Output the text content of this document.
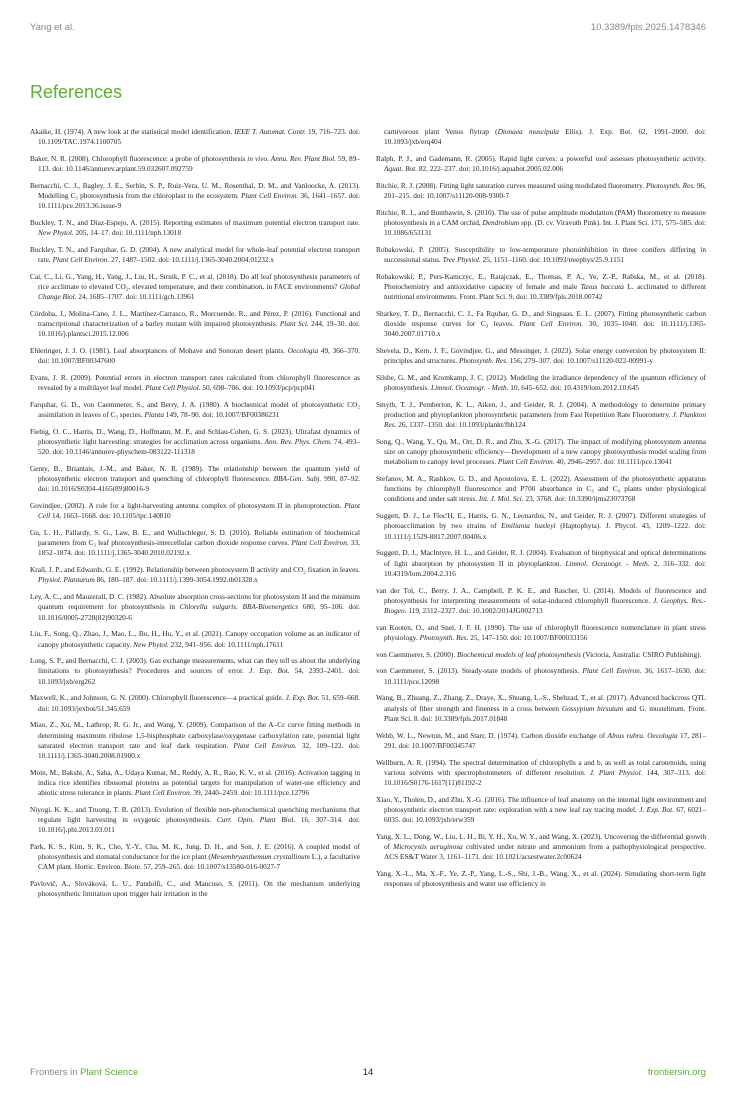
Yang et al.	10.3389/fpls.2025.1478346
References

Akaike, H. (1974). A new look at the statistical model identification. IEEE T. Automat. Contr. 19, 716–723. doi: 10.1109/TAC.1974.1100705

Baker, N. R. (2008). Chlorophyll fluorescence: a probe of photosynthesis in vivo. Annu. Rev. Plant Biol. 59, 89–113. doi: 10.1146/annurev.arplant.59.032607.092759

Bernacchi, C. J., Bagley, J. E., Serbin, S. P., Ruiz-Vera, U. M., Rosenthal, D. M., and Vanloocke, A. (2013). Modelling C₃ photosynthesis from the chloroplast to the ecosystem. Plant Cell Environ. 36, 1641–1657. doi: 10.1111/pce.2013.36.issue-9

Buckley, T. N., and Diaz-Espejo, A. (2015). Reporting estimates of maximum potential electron transport rate. New Phytol. 205, 14–17. doi: 10.1111/nph.13018

Buckley, T. N., and Farquhar, G. D. (2004). A new analytical model for whole-leaf potential electron transport rate. Plant Cell Environ. 27, 1487–1502. doi: 10.1111/j.1365-3040.2004.01232.x

Cai, C., Li, G., Yang, H., Yang, J., Liu, H., Struik, P. C., et al. (2018). Do all leaf photosynthesis parameters of rice acclimate to elevated CO₂, elevated temperature, and their combination, in FACE environments? Global Change Biol. 24, 1685–1707. doi: 10.1111/gcb.13961

Córdoba, J., Molina-Cano, J. L., Martínez-Carrasco, R., Morcuende, R., and Pérez, P. (2016). Functional and transcriptional characterization of a barley mutant with impaired photosynthesis. Plant Sci. 244, 19–30. doi: 10.1016/j.plantsci.2015.12.006

Ehleringer, J. J. O. (1981). Leaf absorptances of Mohave and Sonoran desert plants. Oecologia 49, 366–370. doi: 10.1007/BF00347600

Evans, J. R. (2009). Potential errors in electron transport rates calculated from chlorophyll fluorescence as revealed by a multilayer leaf model. Plant Cell Physiol. 50, 698–706. doi: 10.1093/pcp/pcp041

Farquhar, G. D., von Caemmerer, S., and Berry, J. A. (1980). A biochemical model of photosynthetic CO₂ assimilation in leaves of C₃ species. Planta 149, 78–90. doi: 10.1007/BF00386231

Fiebig, O. C., Harris, D., Wang, D., Hoffmann, M. P., and Schlau-Cohen, G. S. (2023). Ultrafast dynamics of photosynthetic light harvesting: strategies for acclimation across organisms. Ann. Rev. Phys. Chem. 74, 493–520. doi: 10.1146/annurev-physchem-083122-111318

Genty, B., Briantais, J.-M., and Baker, N. R. (1989). The relationship between the quantum yield of photosynthetic electron transport and quenching of chlorophyll fluorescence. BBA-Gen. Subj. 990, 87–92. doi: 10.1016/S0304-4165(89)80016-9

Govindjee, (2002). A role for a light-harvesting antenna complex of photosystem II in photoprotection. Plant Cell 14, 1663–1668. doi: 10.1105/tpc.140810

Gu, L. H., Pallardy, S. G., Law, B. E., and Wullschleger, S. D. (2010). Reliable estimation of biochemical parameters from C₃ leaf photosynthesis-intercellular carbon dioxide response curves. Plant Cell Environ. 33, 1852–1874. doi: 10.1111/j.1365-3040.2010.02192.x

Krall, J. P., and Edwards, G. E. (1992). Relationship between photosystem II activity and CO₂ fixation in leaves. Physiol. Plantarum 86, 180–187. doi: 10.1111/j.1399-3054.1992.tb01328.x

Ley, A. C., and Mauzerall, D. C. (1982). Absolute absorption cross-sections for photosystem II and the minimum quantum requirement for photosynthesis in Chlorella vulgaris. BBA-Bioenergetics 680, 95–106. doi: 10.1016/0005-2728(82)90320-6

Liu, F., Song, Q., Zhao, J., Mao, L., Bu, H., Hu, Y., et al. (2021). Canopy occupation volume as an indicator of canopy photosynthetic capacity. New Phytol. 232, 941–956. doi: 10.1111/nph.17611

Long, S. P., and Bernacchi, C. J. (2003). Gas exchange measurements, what can they tell us about the underlying limitations to photosynthesis? Procedures and sources of error. J. Exp. Bot. 54, 2393–2401. doi: 10.1093/jxb/erg262

Maxwell, K., and Johnson, G. N. (2000). Chlorophyll fluorescence—a practical guide. J. Exp. Bot. 51, 659–668. doi: 10.1093/jexbot/51.345.659

Miao, Z., Xu, M., Lathrop, R. G. Jr., and Wang, Y. (2009). Comparison of the A–Cc curve fitting methods in determining maximum ribulose 1,5-bisphosphate carboxylase/oxygenase carboxylation rate, potential light saturated electron transport rate and leaf dark respiration. Plant Cell Environ. 32, 109–122. doi: 10.1111/j.1365-3040.2008.01900.x

Moin, M., Bakshi, A., Saha, A., Udaya Kumar, M., Reddy, A. R., Rao, K. V., et al. (2016). Activation tagging in indica rice identifies ribosomal proteins as potential targets for manipulation of water-use efficiency and abiotic stress tolerance in plants. Plant Cell Environ. 39, 2440–2459. doi: 10.1111/pce.12796

Niyogi, K. K., and Truong, T. B. (2013). Evolution of flexible non-photochemical quenching mechanisms that regulate light harvesting in oxygenic photosynthesis. Curr. Opin. Plant Biol. 16, 307–314. doi: 10.1016/j.pbi.2013.03.011

Park, K. S., Kim, S. K., Cho, Y.-Y., Cha, M. K., Jung, D. H., and Son, J. E. (2016). A coupled model of photosynthesis and stomatal conductance for the ice plant (Mesembryanthemum crystallinum L.), a facultative CAM plant. Hortic. Environ. Biote. 57, 259–265. doi: 10.1007/s13580-016-0027-7

Pavlovič, A., Slováková, L. U., Pandolfi, C., and Mancuso, S. (2011). On the mechanism underlying photosynthetic limitation upon trigger hair irritation in the

carnivorous plant Venus flytrap (Dionaea muscipula Ellis). J. Exp. Bot. 62, 1991–2000. doi: 10.1093/jxb/erq404

Ralph, P. J., and Gademann, R. (2005). Rapid light curves: a powerful tool assesses photosynthetic activity. Aquat. Bot. 82, 222–237. doi: 10.1016/j.aquabot.2005.02.006

Ritchie, R. J. (2008). Fitting light saturation curves measured using modulated fluorometry. Photosynth. Res. 96, 201–215. doi: 10.1007/s11120-008-9300-7

Ritchie, R. J., and Bunthawin, S. (2010). The use of pulse amplitude modulation (PAM) fluorometry to measure photosynthesis in a CAM orchid, Dendrobium spp. (D. cv. Viravuth Pink). Int. J. Plant Sci. 171, 575–585. doi: 10.1086/653131

Robakowski, P. (2005). Susceptibility to low-temperature photoinhibition in three conifers differing in successional status. Tree Physiol. 25, 1151–1160. doi: 10.1093/treephys/25.9.1151

Robakowski, P., Pers-Kamczyc, E., Ratajczak, E., Thomas, P. A., Ye, Z.-P., Rabska, M., et al. (2018). Photochemistry and antioxidative capacity of female and male Taxus baccata L. acclimated to different nutritional environments. Front. Plant Sci. 9. doi: 10.3389/fpls.2018.00742

Sharkey, T. D., Bernacchi, C. J., Fa Rquhar, G. D., and Singsaas, E. L. (2007). Fitting photosynthetic carbon dioxide response curves for C₃ leaves. Plant Cell Environ. 30, 1035–1040. doi: 10.1111/j.1365-3040.2007.01710.x

Shevela, D., Kern, J. F., Govindjee, G., and Messinger, J. (2023). Solar energy conversion by photosystem II: principles and structures. Photosynth. Res. 156, 279–307. doi: 10.1007/s11120-022-00991-y

Silsbe, G. M., and Kromkamp, J. C. (2012). Modeling the irradiance dependency of the quantum efficiency of photosynthesis. Limnol. Oceanogr. - Meth. 10, 645–652. doi: 10.4319/lom.2012.10.645

Smyth, T. J., Pemberton, K. L., Aiken, J., and Geider, R. J. (2004). A methodology to determine primary production and phytoplankton photosynthetic parameters from Fast Repetition Rate Fluorometry. J. Plankton Res. 26, 1337–1350. doi: 10.1093/plankt/fbh124

Song, Q., Wang, Y., Qu, M., Ort, D. R., and Zhu, X.-G. (2017). The impact of modifying photosystem antenna size on canopy photosynthetic efficiency—Development of a new canopy photosynthesis model scaling from metabolism to canopy level processes. Plant Cell Environ. 40, 2946–2957. doi: 10.1111/pce.13041

Stefanov, M. A., Rashkov, G. D., and Apostolova, E. L. (2022). Assessment of the photosynthetic apparatus functions by chlorophyll fluorescence and P700 absorbance in C₃ and C₄ plants under physiological conditions and under salt stress. Int. J. Mol. Sci. 23, 3768. doi: 10.3390/ijms23073768

Suggett, D. J., Le Floc'H, E., Harris, G. N., Leonardos, N., and Geider, R. J. (2007). Different strategies of photoacclimation by two strains of Emiliania huxleyi (Haptophyta). J. Phycol. 43, 1209–1222. doi: 10.1111/j.1529-8817.2007.00406.x

Suggett, D. J., MacIntyre, H. L., and Geider, R. J. (2004). Evaluation of biophysical and optical determinations of light absorption by photosystem II in phytoplankton. Limnol. Oceanogr. - Meth. 2, 316–332. doi: 10.4319/lom.2004.2.316

van der Tol, C., Berry, J. A., Campbell, P. K. E., and Rascher, U. (2014). Models of fluorescence and photosynthesis for interpreting measurements of solar-induced chlorophyll fluorescence. J. Geophys. Res.-Biogeo. 119, 2312–2327. doi: 10.1002/2014JG002713

van Kooten, O., and Snel, J. F. H. (1990). The use of chlorophyll fluorescence nomenclature in plant stress physiology. Photosynth. Res. 25, 147–150. doi: 10.1007/BF00033156

von Caemmerer, S. (2000). Biochemical models of leaf photosynthesis (Victoria, Australia: CSIRO Publishing).

von Caemmerer, S. (2013). Steady-state models of photosynthesis. Plant Cell Environ. 36, 1617–1630. doi: 10.1111/pce.12098

Wang, B., Zhuang, Z., Zhang, Z., Draye, X., Shuang, L.-S., Shehzad, T., et al. (2017). Advanced backcross QTL analysis of fiber strength and fineness in a cross between Gossypium hirsutum and G. mustelinum. Front. Plant Sci. 8. doi: 10.3389/fpls.2017.01848

Webb, W. L., Newton, M., and Starr, D. (1974). Carbon dioxide exchange of Alnus rubra. Oecologia 17, 281–291. doi: 10.1007/BF00345747

Wellburn, A. R. (1994). The spectral determination of chlorophylls a and b, as well as total carotenoids, using various solvents with spectrophotometers of different resolution. J. Plant Physiol. 144, 307–313. doi: 10.1016/S0176-1617(11)81192-2

Xiao, Y., Tholen, D., and Zhu, X.-G. (2016). The influence of leaf anatomy on the internal light environment and photosynthetic electron transport rate: exploration with a new leaf ray tracing model. J. Exp. Bot. 67, 6021–6035. doi: 10.1093/jxb/erw359

Yang, X. L., Dong, W., Liu, L. H., Bi, Y. H., Xu, W. Y., and Wang, X. (2023). Uncovering the differential growth of Microcystis aeruginosa cultivated under nitrate and ammonium from a pathophysiological perspective. ACS ES&T Water 3, 1161–1171. doi: 10.1021/acsestwater.2c00624

Yang, X.-L., Ma, X.-F., Ye, Z.-P., Yang, L.-S., Shi, J.-B., Wang, X., et al. (2024). Simulating short-term light responses of photosynthesis and water use efficiency in

Frontiers in Plant Science	14	frontiersin.org
